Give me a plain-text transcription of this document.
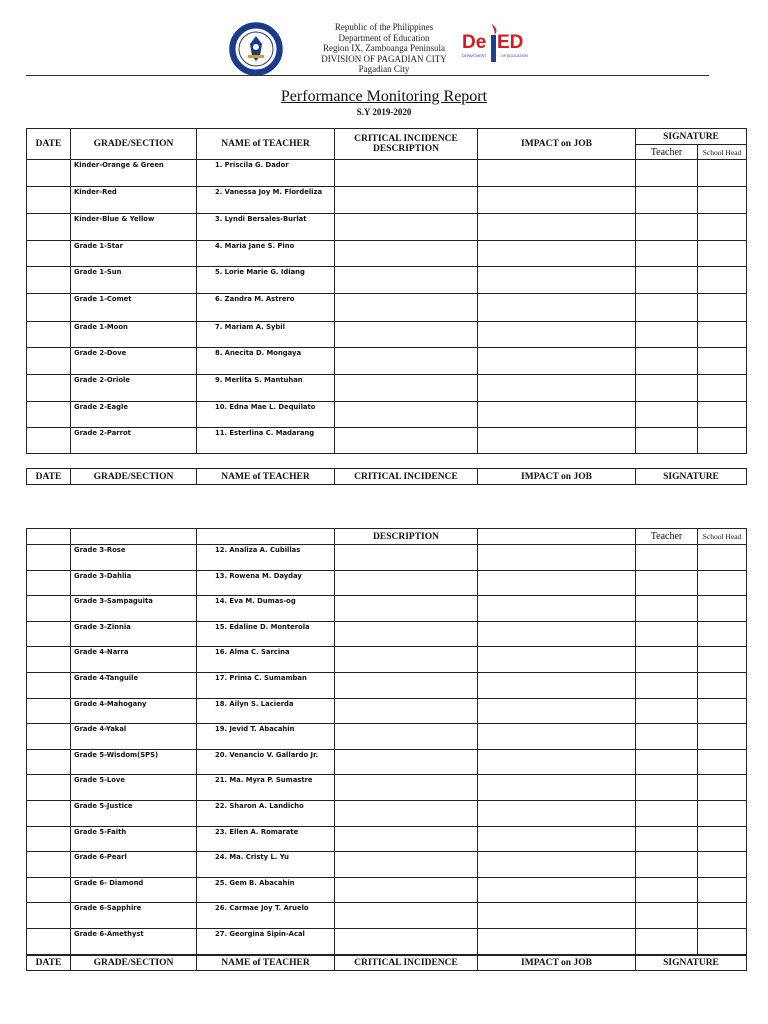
Republic of the Philippines
Department of Education
Region IX, Zamboanga Peninsula
DIVISION OF PAGADIAN CITY
Pagadian City
De ED
DEPARTMENT	OF EDUCATION
Performance Monitoring Report
S.Y 2019-2020
DATE	GRADE/SECTION	NAME of TEACHER	CRITICAL INCIDENCE DESCRIPTION	IMPACT on JOB	SIGNATURE	
					Teacher	School Head
	Kinder-Orange & Green	1. Priscila G. Dador				
	Kinder-Red	2. Vanessa Joy M. Flordeliza				
	Kinder-Blue & Yellow	3. Lyndi Bersales-Burlat				
	Grade 1-Star	4. Maria Jane S. Pino				
	Grade 1-Sun	5. Lorie Marie G. Idiang				
	Grade 1-Comet	6. Zandra M. Astrero				
	Grade 1-Moon	7. Mariam A. Sybil				
	Grade 2-Dove	8. Anecita D. Mongaya				
	Grade 2-Oriole	9. Merlita S. Mantuhan				
	Grade 2-Eagle	10. Edna Mae L. Dequilato				
	Grade 2-Parrot	11. Esterlina C. Madarang				
DATE	GRADE/SECTION	NAME of TEACHER	CRITICAL INCIDENCE	IMPACT on JOB	SIGNATURE
			DESCRIPTION		Teacher	School Head
	Grade 3-Rose	12. Analiza A. Cubillas				
	Grade 3-Dahlia	13. Rowena M. Dayday				
	Grade 3-Sampaguita	14. Eva M. Dumas-og				
	Grade 3-Zinnia	15. Edaline D. Monterola				
	Grade 4-Narra	16. Alma C. Sarcina				
	Grade 4-Tanguile	17. Prima C. Sumamban				
	Grade 4-Mahogany	18. Ailyn S. Lacierda				
	Grade 4-Yakal	19. Jevid T. Abacahin				
	Grade 5-Wisdom(SPS)	20. Venancio V. Gallardo Jr.				
	Grade 5-Love	21. Ma. Myra P. Sumastre				
	Grade 5-Justice	22. Sharon A. Landicho				
	Grade 5-Faith	23. Ellen A. Romarate				
	Grade 6-Pearl	24. Ma. Cristy L. Yu				
	Grade 6- Diamond	25. Gem B. Abacahin				
	Grade 6-Sapphire	26. Carmae Joy T. Aruelo				
	Grade 6-Amethyst	27. Georgina Sipin-Acal				
DATE	GRADE/SECTION	NAME of TEACHER	CRITICAL INCIDENCE	IMPACT on JOB	SIGNATURE
